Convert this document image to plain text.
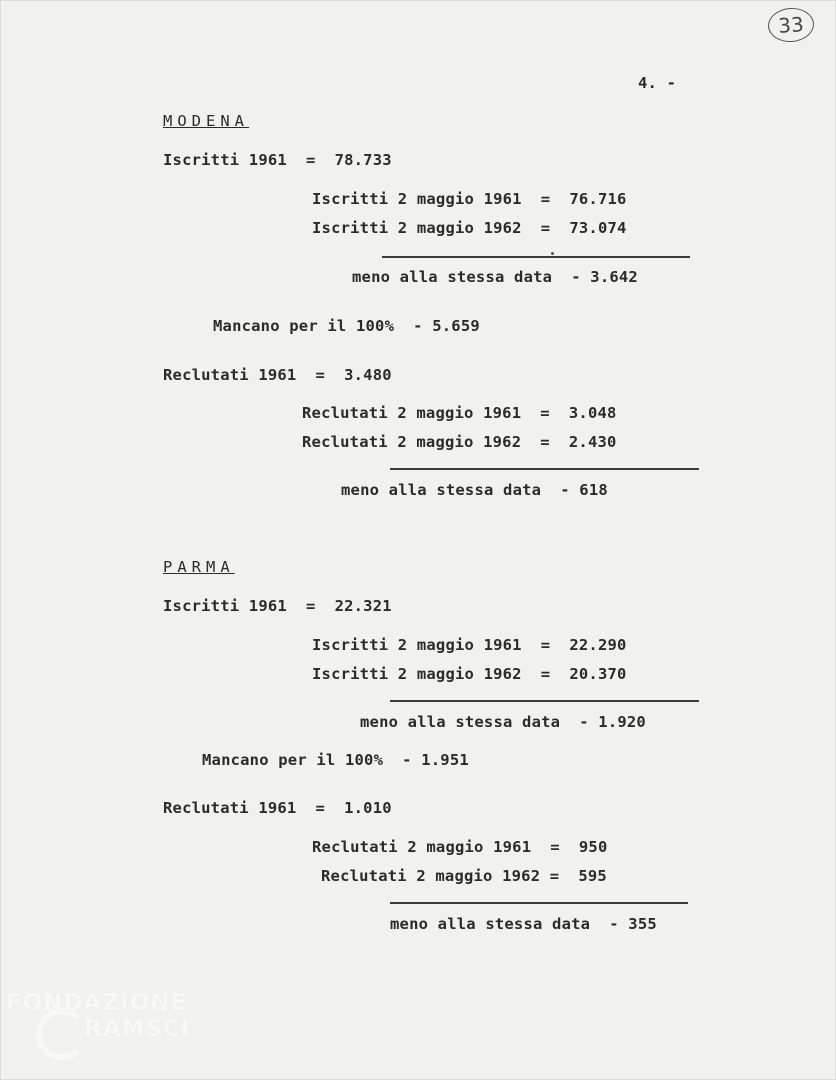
33
4. -
MODENA
Iscritti 1961  =  78.733
Iscritti 2 maggio 1961  =  76.716
Iscritti 2 maggio 1962  =  73.074
meno alla stessa data  - 3.642
Mancano per il 100%  - 5.659
Reclutati 1961  =  3.480
Reclutati 2 maggio 1961  =  3.048
Reclutati 2 maggio 1962  =  2.430
meno alla stessa data  - 618
PARMA
Iscritti 1961  =  22.321
Iscritti 2 maggio 1961  =  22.290
Iscritti 2 maggio 1962  =  20.370
meno alla stessa data  - 1.920
Mancano per il 100%  - 1.951
Reclutati 1961  =  1.010
Reclutati 2 maggio 1961  =  950
Reclutati 2 maggio 1962 =  595
meno alla stessa data  - 355
FONDAZIONE
RAMSCI
